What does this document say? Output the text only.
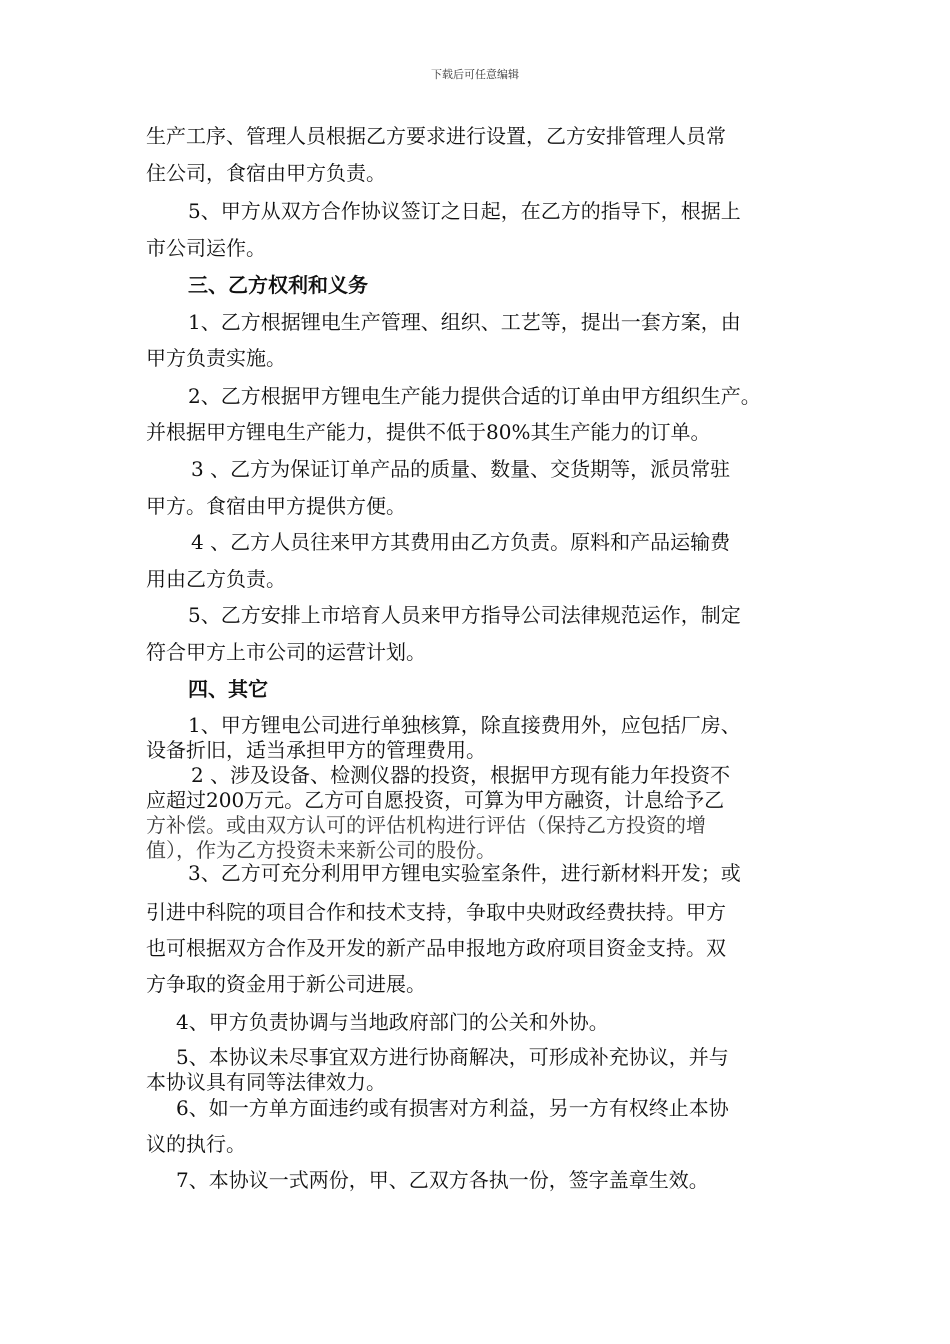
下载后可任意编辑
生产工序、管理人员根据乙方要求进行设置，乙方安排管理人员常
住公司，食宿由甲方负责。
5、甲方从双方合作协议签订之日起，在乙方的指导下，根据上
市公司运作。
三、乙方权利和义务
1、乙方根据锂电生产管理、组织、工艺等，提出一套方案，由
甲方负责实施。
2、乙方根据甲方锂电生产能力提供合适的订单由甲方组织生产。
并根据甲方锂电生产能力，提供不低于80%其生产能力的订单。
3 、乙方为保证订单产品的质量、数量、交货期等，派员常驻
甲方。食宿由甲方提供方便。
4 、乙方人员往来甲方其费用由乙方负责。原料和产品运输费
用由乙方负责。
5、乙方安排上市培育人员来甲方指导公司法律规范运作，制定
符合甲方上市公司的运营计划。
四、其它
1、甲方锂电公司进行单独核算，除直接费用外，应包括厂房、
设备折旧，适当承担甲方的管理费用。
2 、涉及设备、检测仪器的投资，根据甲方现有能力年投资不
应超过200万元。乙方可自愿投资，可算为甲方融资，计息给予乙
方补偿。或由双方认可的评估机构进行评估（保持乙方投资的增
值），作为乙方投资未来新公司的股份。
3、乙方可充分利用甲方锂电实验室条件，进行新材料开发；或
引进中科院的项目合作和技术支持，争取中央财政经费扶持。甲方
也可根据双方合作及开发的新产品申报地方政府项目资金支持。双
方争取的资金用于新公司进展。
4、甲方负责协调与当地政府部门的公关和外协。
5、本协议未尽事宜双方进行协商解决，可形成补充协议，并与
本协议具有同等法律效力。
6、如一方单方面违约或有损害对方利益，另一方有权终止本协
议的执行。
7、本协议一式两份，甲、乙双方各执一份，签字盖章生效。
